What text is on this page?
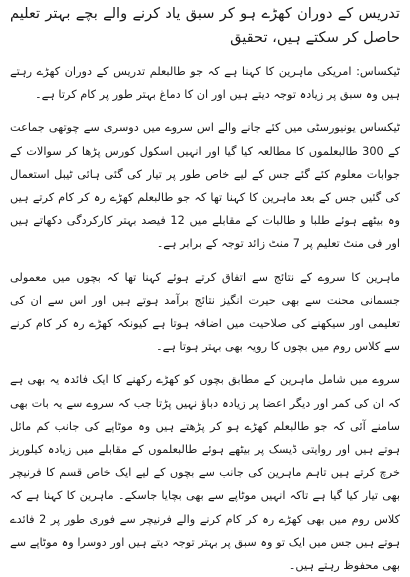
تدریس کے دوران کھڑے ہو کر سبق یاد کرنے والے بچے بہتر تعلیم حاصل کر سکتے ہیں، تحقیق

ٹیکساس: امریکی ماہرین کا کہنا ہے کہ جو طالبعلم تدریس کے دوران کھڑے رہتے ہیں وہ سبق پر زیادہ توجہ دیتے ہیں اور ان کا دماغ بہتر طور پر کام کرتا ہے۔

ٹیکساس یونیورسٹی میں کئے جانے والے اس سروے میں دوسری سے چوتھی جماعت کے 300 طالبعلموں کا مطالعہ کیا گیا اور انہیں اسکول کورس پڑھا کر سوالات کے جوابات معلوم کئے گئے جس کے لیے خاص طور پر تیار کی گئی ہائی ٹیبل استعمال کی گئیں جس کے بعد ماہرین کا کہنا تھا کہ جو طالبعلم کھڑے رہ کر کام کرتے ہیں وہ بیٹھے ہوئے طلبا و طالبات کے مقابلے میں 12 فیصد بہتر کارکردگی دکھاتے ہیں اور فی منٹ تعلیم پر 7 منٹ زائد توجہ کے برابر ہے۔

ماہرین کا سروے کے نتائج سے اتفاق کرتے ہوئے کہنا تھا کہ بچوں میں معمولی جسمانی محنت سے بھی حیرت انگیز نتائج برآمد ہوتے ہیں اور اس سے ان کی تعلیمی اور سیکھنے کی صلاحیت میں اضافہ ہوتا ہے کیونکہ کھڑے رہ کر کام کرنے سے کلاس روم میں بچوں کا رویہ بھی بہتر ہوتا ہے۔

سروے میں شامل ماہرین کے مطابق بچوں کو کھڑے رکھنے کا ایک فائدہ یہ بھی ہے کہ ان کی کمر اور دیگر اعضا پر زیادہ دباؤ نہیں پڑتا جب کہ سروے سے یہ بات بھی سامنے آئی کہ جو طالبعلم کھڑے ہو کر پڑھتے ہیں وہ موٹاپے کی جانب کم مائل ہوتے ہیں اور روایتی ڈیسک پر بیٹھے ہوئے طالبعلموں کے مقابلے میں زیادہ کیلوریز خرچ کرتے ہیں تاہم ماہرین کی جانب سے بچوں کے لیے ایک خاص قسم کا فرنیچر بھی تیار کیا گیا ہے تاکہ انہیں موٹاپے سے بھی بچایا جاسکے۔ ماہرین کا کہنا ہے کہ کلاس روم میں بھی کھڑے رہ کر کام کرنے والے فرنیچر سے فوری طور پر 2 فائدے ہوتے ہیں جس میں ایک تو وہ سبق پر بہتر توجہ دیتے ہیں اور دوسرا وہ موٹاپے سے بھی محفوظ رہتے ہیں۔
